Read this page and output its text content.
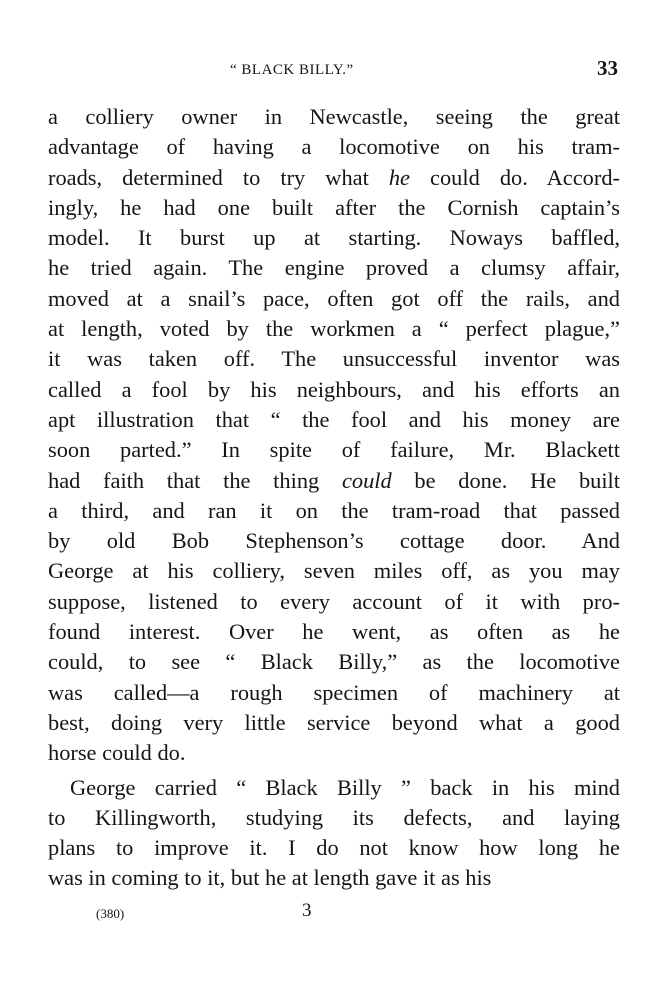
“ BLACK BILLY.”	33
a colliery owner in Newcastle, seeing the great
advantage of having a locomotive on his tram-
roads, determined to try what he could do. Accord-
ingly, he had one built after the Cornish captain’s
model. It burst up at starting. Noways baffled,
he tried again. The engine proved a clumsy affair,
moved at a snail’s pace, often got off the rails, and
at length, voted by the workmen a “ perfect plague,”
it was taken off. The unsuccessful inventor was
called a fool by his neighbours, and his efforts an
apt illustration that “ the fool and his money are
soon parted.” In spite of failure, Mr. Blackett
had faith that the thing could be done. He built
a third, and ran it on the tram-road that passed
by old Bob Stephenson’s cottage door. And
George at his colliery, seven miles off, as you may
suppose, listened to every account of it with pro-
found interest. Over he went, as often as he
could, to see “ Black Billy,” as the locomotive
was called—a rough specimen of machinery at
best, doing very little service beyond what a good
horse could do.
George carried “ Black Billy ” back in his mind
to Killingworth, studying its defects, and laying
plans to improve it. I do not know how long he
was in coming to it, but he at length gave it as his
(380)	3
